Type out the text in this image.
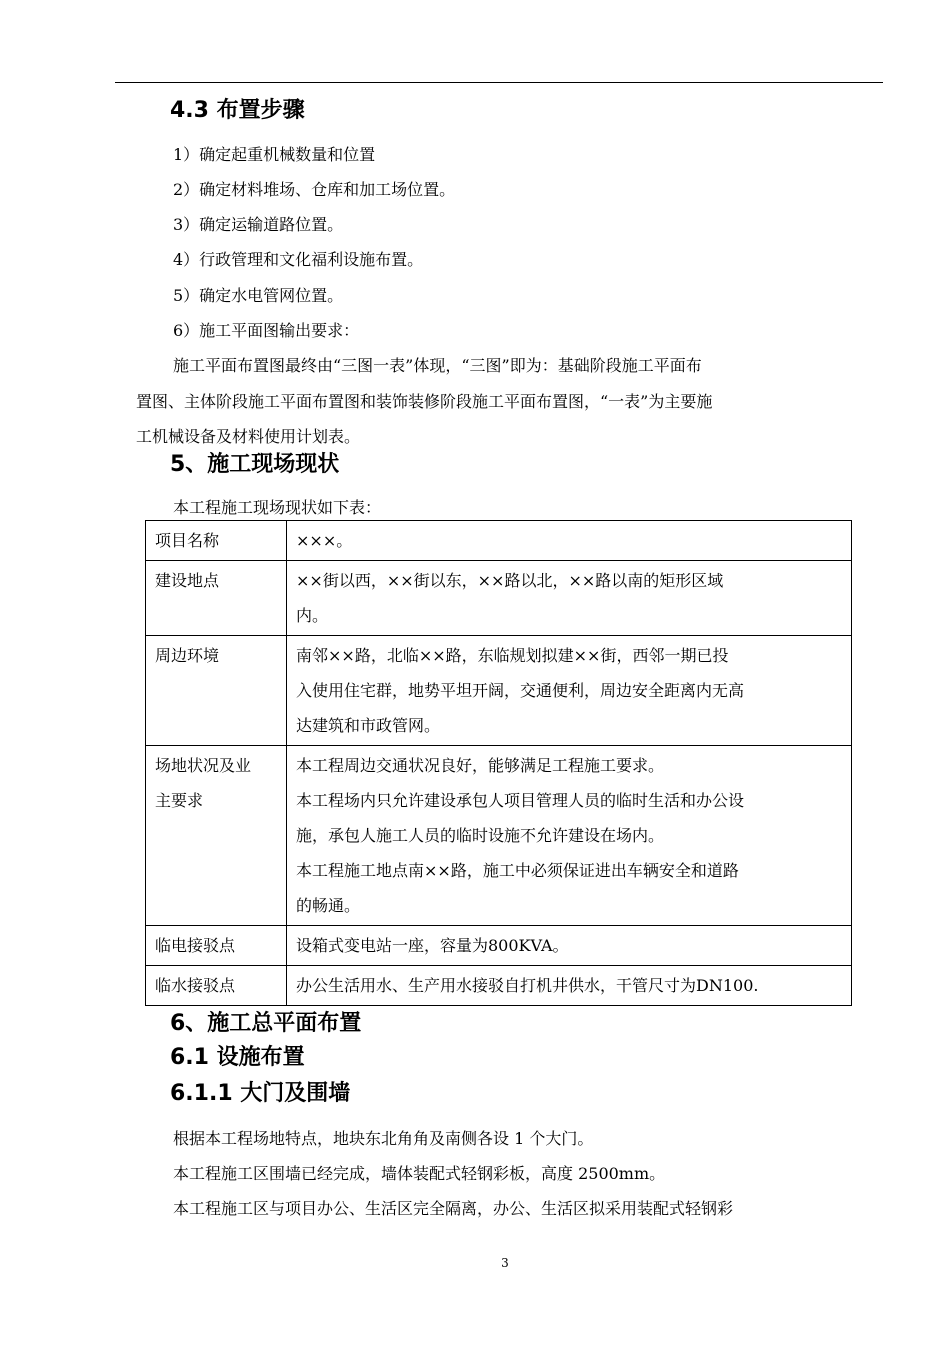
4.3 布置步骤
1）确定起重机械数量和位置
2）确定材料堆场、仓库和加工场位置。
3）确定运输道路位置。
4）行政管理和文化福利设施布置。
5）确定水电管网位置。
6）施工平面图输出要求：
施工平面布置图最终由“三图一表”体现，“三图”即为：基础阶段施工平面布
置图、主体阶段施工平面布置图和装饰装修阶段施工平面布置图，“一表”为主要施
工机械设备及材料使用计划表。
5、施工现场现状
本工程施工现场现状如下表：
项目名称	×××。

建设地点	××街以西，××街以东，××路以北，××路以南的矩形区域
内。

周边环境	南邻××路，北临××路，东临规划拟建××街，西邻一期已投
入使用住宅群，地势平坦开阔，交通便利，周边安全距离内无高
达建筑和市政管网。

场地状况及业
主要求	本工程周边交通状况良好，能够满足工程施工要求。
本工程场内只允许建设承包人项目管理人员的临时生活和办公设
施，承包人施工人员的临时设施不允许建设在场内。
本工程施工地点南××路，施工中必须保证进出车辆安全和道路
的畅通。

临电接驳点	设箱式变电站一座，容量为800KVA。

临水接驳点	办公生活用水、生产用水接驳自打机井供水，干管尺寸为DN100.
6、施工总平面布置
6.1 设施布置
6.1.1 大门及围墙
根据本工程场地特点，地块东北角角及南侧各设 1 个大门。
本工程施工区围墙已经完成，墙体装配式轻钢彩板，高度 2500mm。
本工程施工区与项目办公、生活区完全隔离，办公、生活区拟采用装配式轻钢彩
3
